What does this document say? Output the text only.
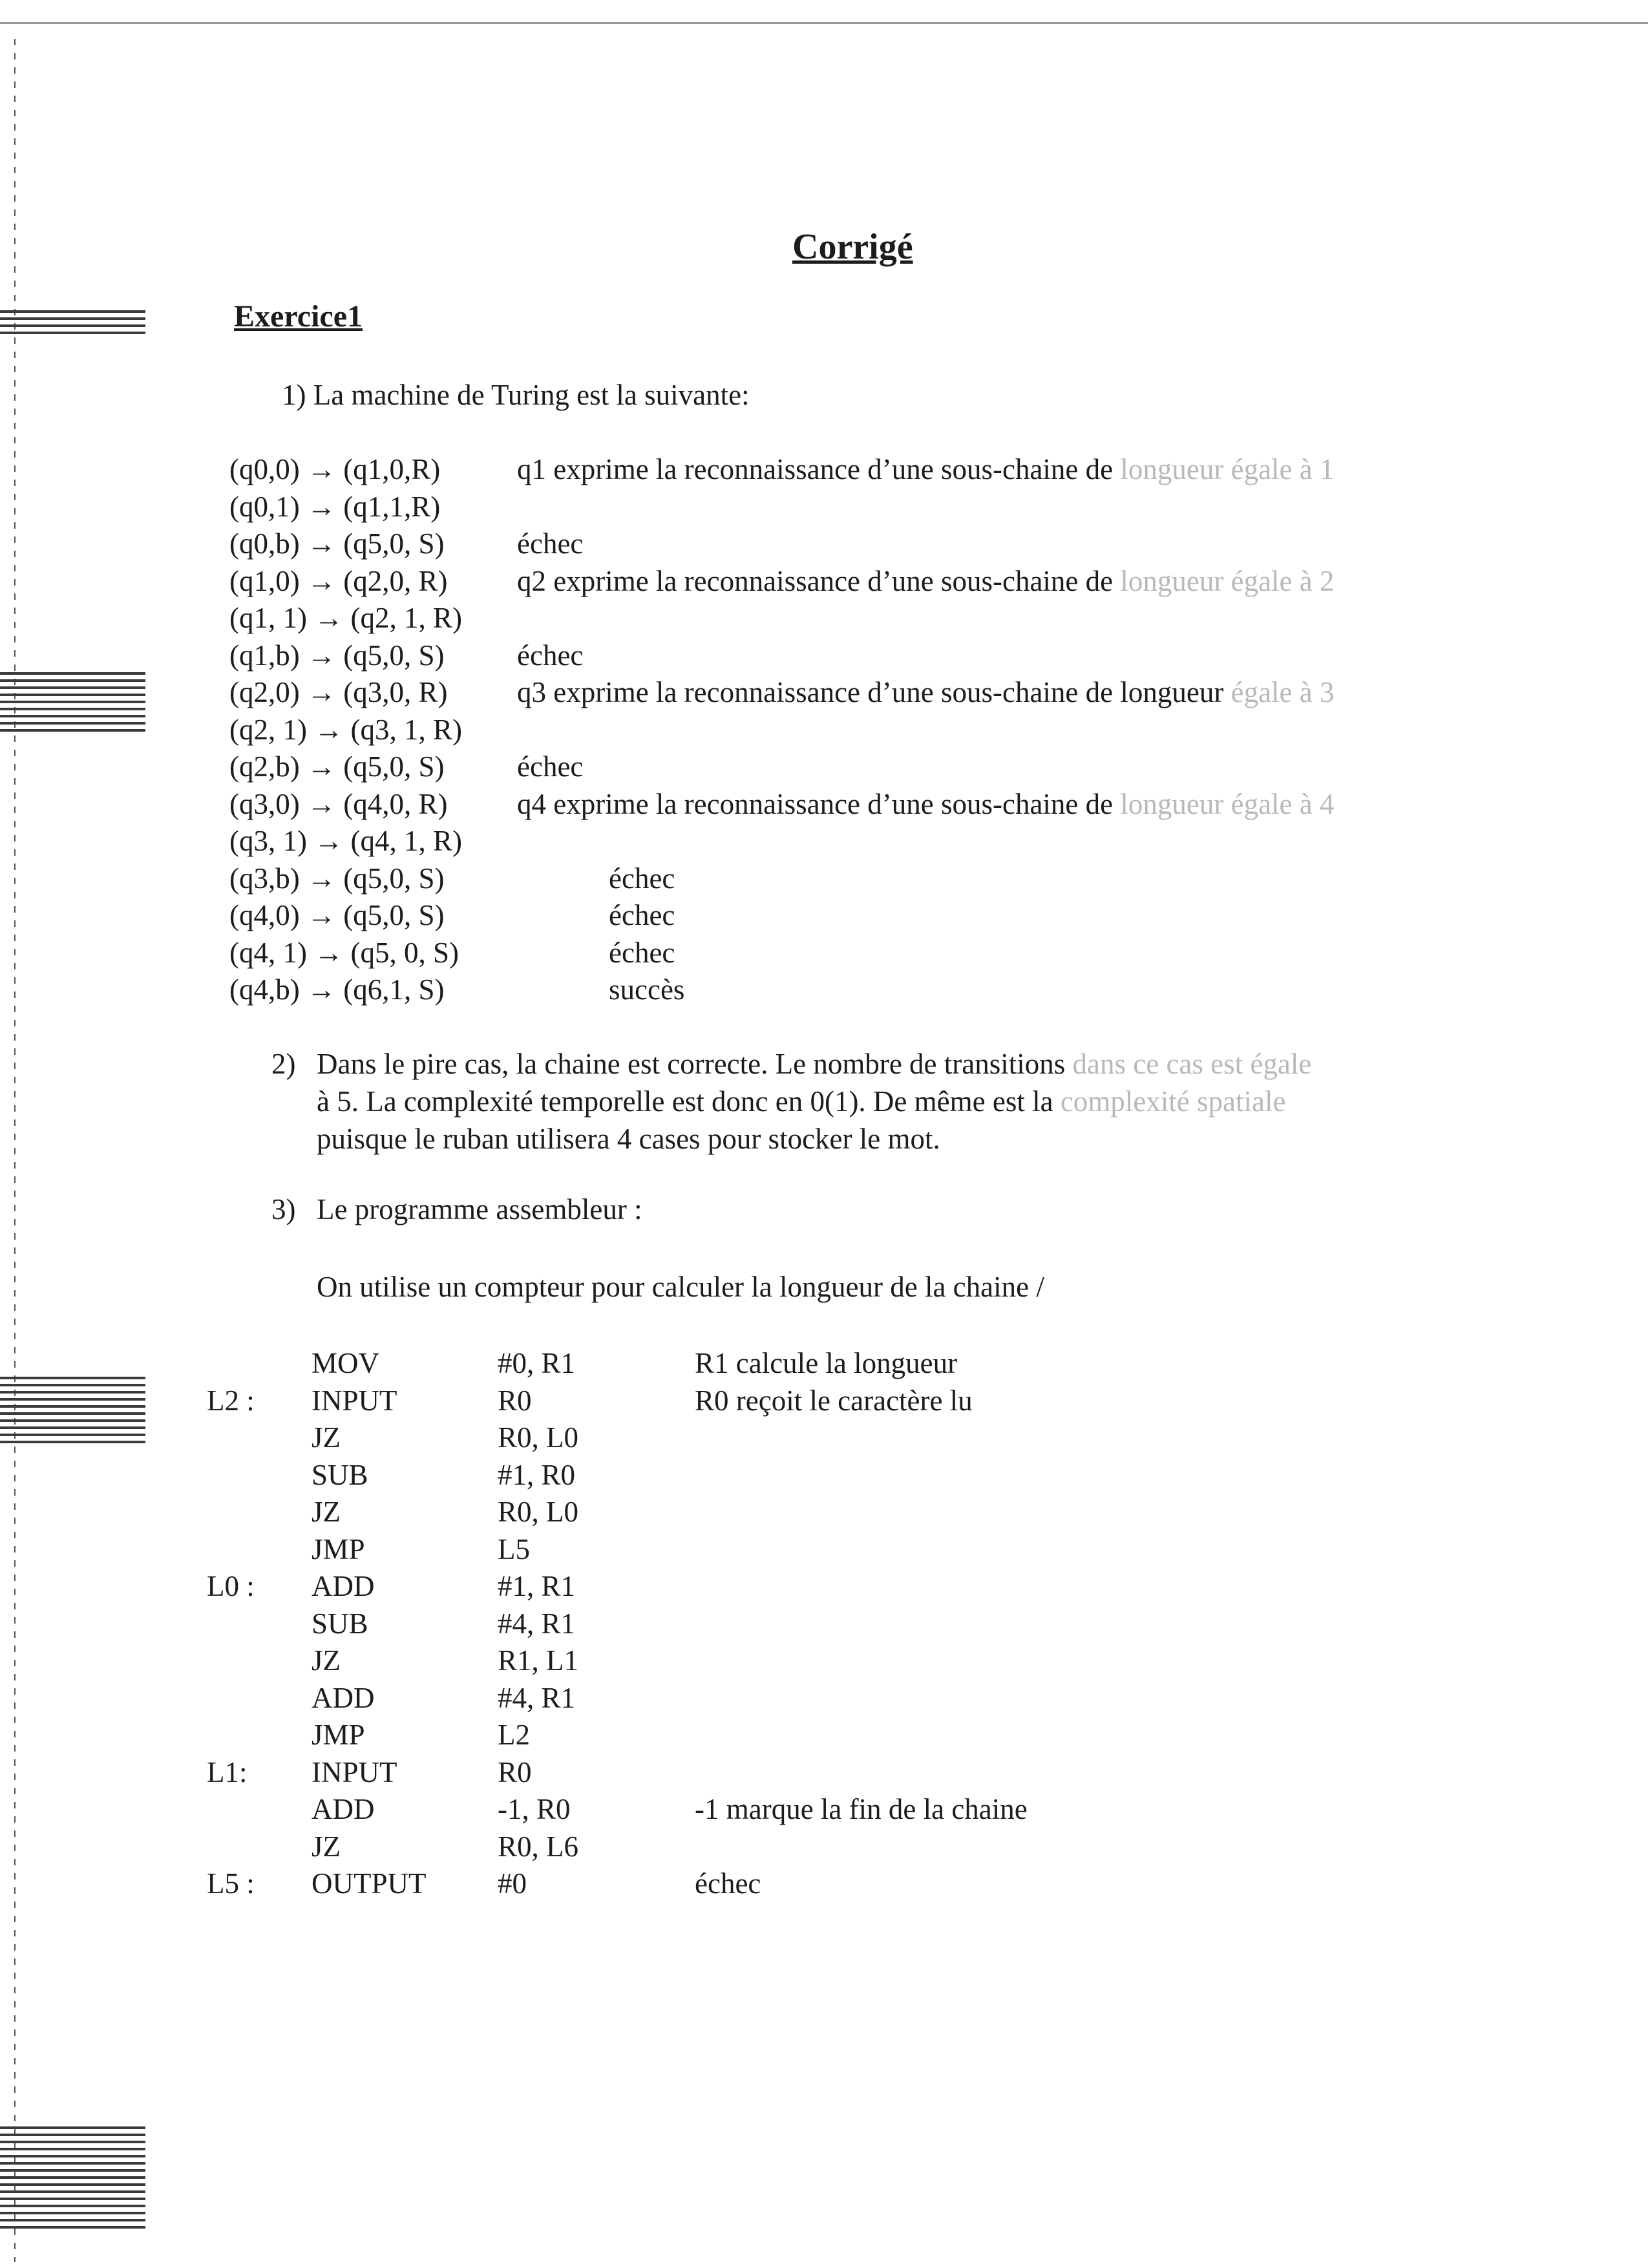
Corrigé
Exercice1
1) La machine de Turing est la suivante:
(q0,0) → (q1,0,R)	q1 exprime la reconnaissance d’une sous-chaine de longueur égale à 1
(q0,1) → (q1,1,R)
(q0,b) → (q5,0, S)	échec
(q1,0) → (q2,0, R) q2 exprime la reconnaissance d’une sous-chaine de longueur égale à 2
(q1, 1) → (q2, 1, R)
(q1,b) → (q5,0, S)	échec
(q2,0) → (q3,0, R) q3 exprime la reconnaissance d’une sous-chaine de longueur égale à 3
(q2, 1) → (q3, 1, R)
(q2,b) → (q5,0, S)	échec
(q3,0) → (q4,0, R) q4 exprime la reconnaissance d’une sous-chaine de longueur égale à 4
(q3, 1) → (q4, 1, R)
(q3,b) → (q5,0, S)	échec
(q4,0) → (q5,0, S)	échec
(q4, 1) → (q5, 0, S)	échec
(q4,b) → (q6,1, S)	succès
2) Dans le pire cas, la chaine est correcte. Le nombre de transitions dans ce cas est égale
à 5. La complexité temporelle est donc en 0(1). De même est la complexité spatiale
puisque le ruban utilisera 4 cases pour stocker le mot.
3) Le programme assembleur :
On utilise un compteur pour calculer la longueur de la chaine /
MOV	#0, R1	R1 calcule la longueur
L2 : INPUT	R0	R0 reçoit le caractère lu
JZ	R0, L0
SUB	#1, R0
JZ	R0, L0
JMP	L5
L0 : ADD	#1, R1
SUB	#4, R1
JZ	R1, L1
ADD	#4, R1
JMP	L2
L1: INPUT	R0
ADD	-1, R0	-1 marque la fin de la chaine
JZ	R0, L6
L5 : OUTPUT #0	échec
